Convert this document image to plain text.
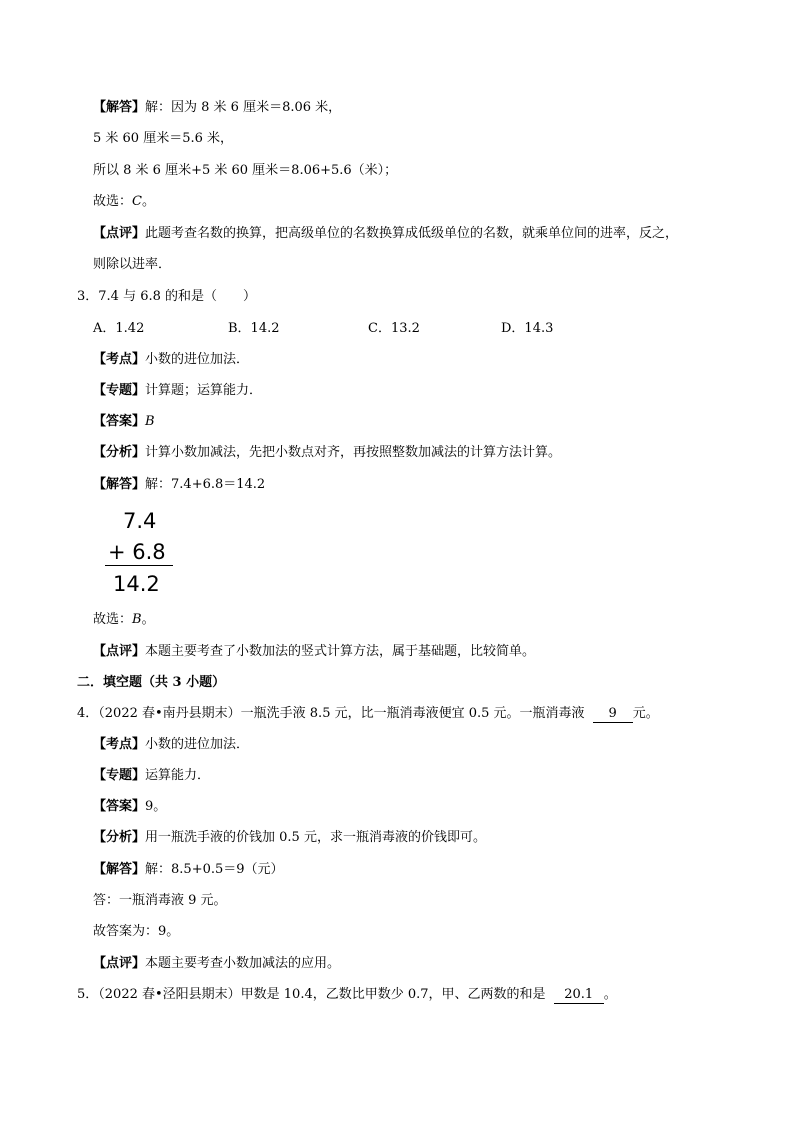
【解答】解：因为 8 米 6 厘米＝8.06 米，
5 米 60 厘米＝5.6 米，
所以 8 米 6 厘米+5 米 60 厘米＝8.06+5.6（米）；
故选：C。
【点评】此题考查名数的换算，把高级单位的名数换算成低级单位的名数，就乘单位间的进率，反之，
则除以进率．
3．7.4 与 6.8 的和是（　　）
A．1.42	B．14.2	C．13.2	D．14.3
【考点】小数的进位加法．
【专题】计算题；运算能力．
【答案】B
【分析】计算小数加减法，先把小数点对齐，再按照整数加减法的计算方法计算。
【解答】解：7.4+6.8＝14.2
7.4
+ 6.8
14.2
故选：B。
【点评】本题主要考查了小数加法的竖式计算方法，属于基础题，比较简单。
二．填空题（共 3 小题）
4．（2022 春•南丹县期末）一瓶洗手液 8.5 元，比一瓶消毒液便宜 0.5 元。一瓶消毒液 9 元。
【考点】小数的进位加法．
【专题】运算能力．
【答案】9。
【分析】用一瓶洗手液的价钱加 0.5 元，求一瓶消毒液的价钱即可。
【解答】解：8.5+0.5＝9（元）
答：一瓶消毒液 9 元。
故答案为：9。
【点评】本题主要考查小数加减法的应用。
5．（2022 春•泾阳县期末）甲数是 10.4，乙数比甲数少 0.7，甲、乙两数的和是 20.1 。
